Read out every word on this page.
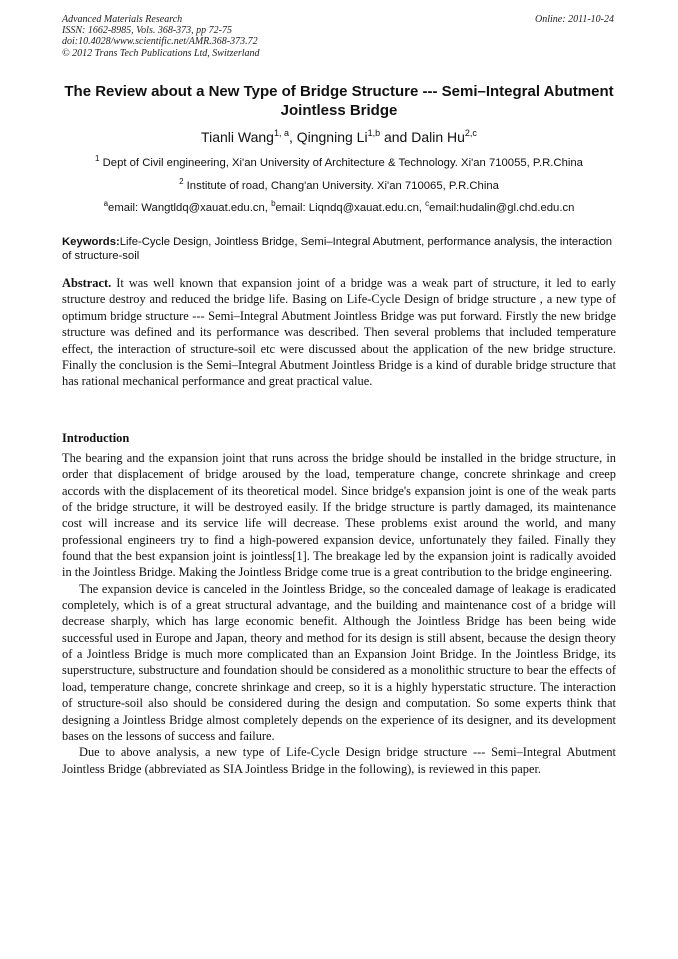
Advanced Materials Research
ISSN: 1662-8985, Vols. 368-373, pp 72-75
doi:10.4028/www.scientific.net/AMR.368-373.72
© 2012 Trans Tech Publications Ltd, Switzerland
Online: 2011-10-24
The Review about a New Type of Bridge Structure --- Semi–Integral Abutment Jointless Bridge
Tianli Wang$^{1, a}$, Qingning Li$^{1,b}$ and Dalin Hu$^{2,c}$
$^1$ Dept of Civil engineering, Xi'an University of Architecture & Technology. Xi'an 710055, P.R.China
$^2$ Institute of road, Chang'an University. Xi'an 710065, P.R.China
$^a$email: Wangtldq@xauat.edu.cn, $^b$email: Liqndq@xauat.edu.cn, $^c$email:hudalin@gl.chd.edu.cn
Keywords:Life-Cycle Design, Jointless Bridge, Semi–Integral Abutment, performance analysis, the interaction of structure-soil
Abstract. It was well known that expansion joint of a bridge was a weak part of structure, it led to early structure destroy and reduced the bridge life. Basing on Life-Cycle Design of bridge structure , a new type of optimum bridge structure --- Semi–Integral Abutment Jointless Bridge was put forward. Firstly the new bridge structure was defined and its performance was described. Then several problems that included temperature effect, the interaction of structure-soil etc were discussed about the application of the new bridge structure. Finally the conclusion is the Semi–Integral Abutment Jointless Bridge is a kind of durable bridge structure that has rational mechanical performance and great practical value.
Introduction

The bearing and the expansion joint that runs across the bridge should be installed in the bridge structure, in order that displacement of bridge aroused by the load, temperature change, concrete shrinkage and creep accords with the displacement of its theoretical model. Since bridge's expansion joint is one of the weak parts of the bridge structure, it will be destroyed easily. If the bridge structure is partly damaged, its maintenance cost will increase and its service life will decrease. These problems exist around the world, and many professional engineers try to find a high-powered expansion device, unfortunately they failed. Finally they found that the best expansion joint is jointless[1]. The breakage led by the expansion joint is radically avoided in the Jointless Bridge. Making the Jointless Bridge come true is a great contribution to the bridge engineering.

The expansion device is canceled in the Jointless Bridge, so the concealed damage of leakage is eradicated completely, which is of a great structural advantage, and the building and maintenance cost of a bridge will decrease sharply, which has large economic benefit. Although the Jointless Bridge has been being wide successful used in Europe and Japan, theory and method for its design is still absent, because the design theory of a Jointless Bridge is much more complicated than an Expansion Joint Bridge. In the Jointless Bridge, its superstructure, substructure and foundation should be considered as a monolithic structure to bear the effects of load, temperature change, concrete shrinkage and creep, so it is a highly hyperstatic structure. The interaction of structure-soil also should be considered during the design and computation. So some experts think that designing a Jointless Bridge almost completely depends on the experience of its designer, and its development bases on the lessons of success and failure.

Due to above analysis, a new type of Life-Cycle Design bridge structure --- Semi–Integral Abutment Jointless Bridge (abbreviated as SIA Jointless Bridge in the following), is reviewed in this paper.
